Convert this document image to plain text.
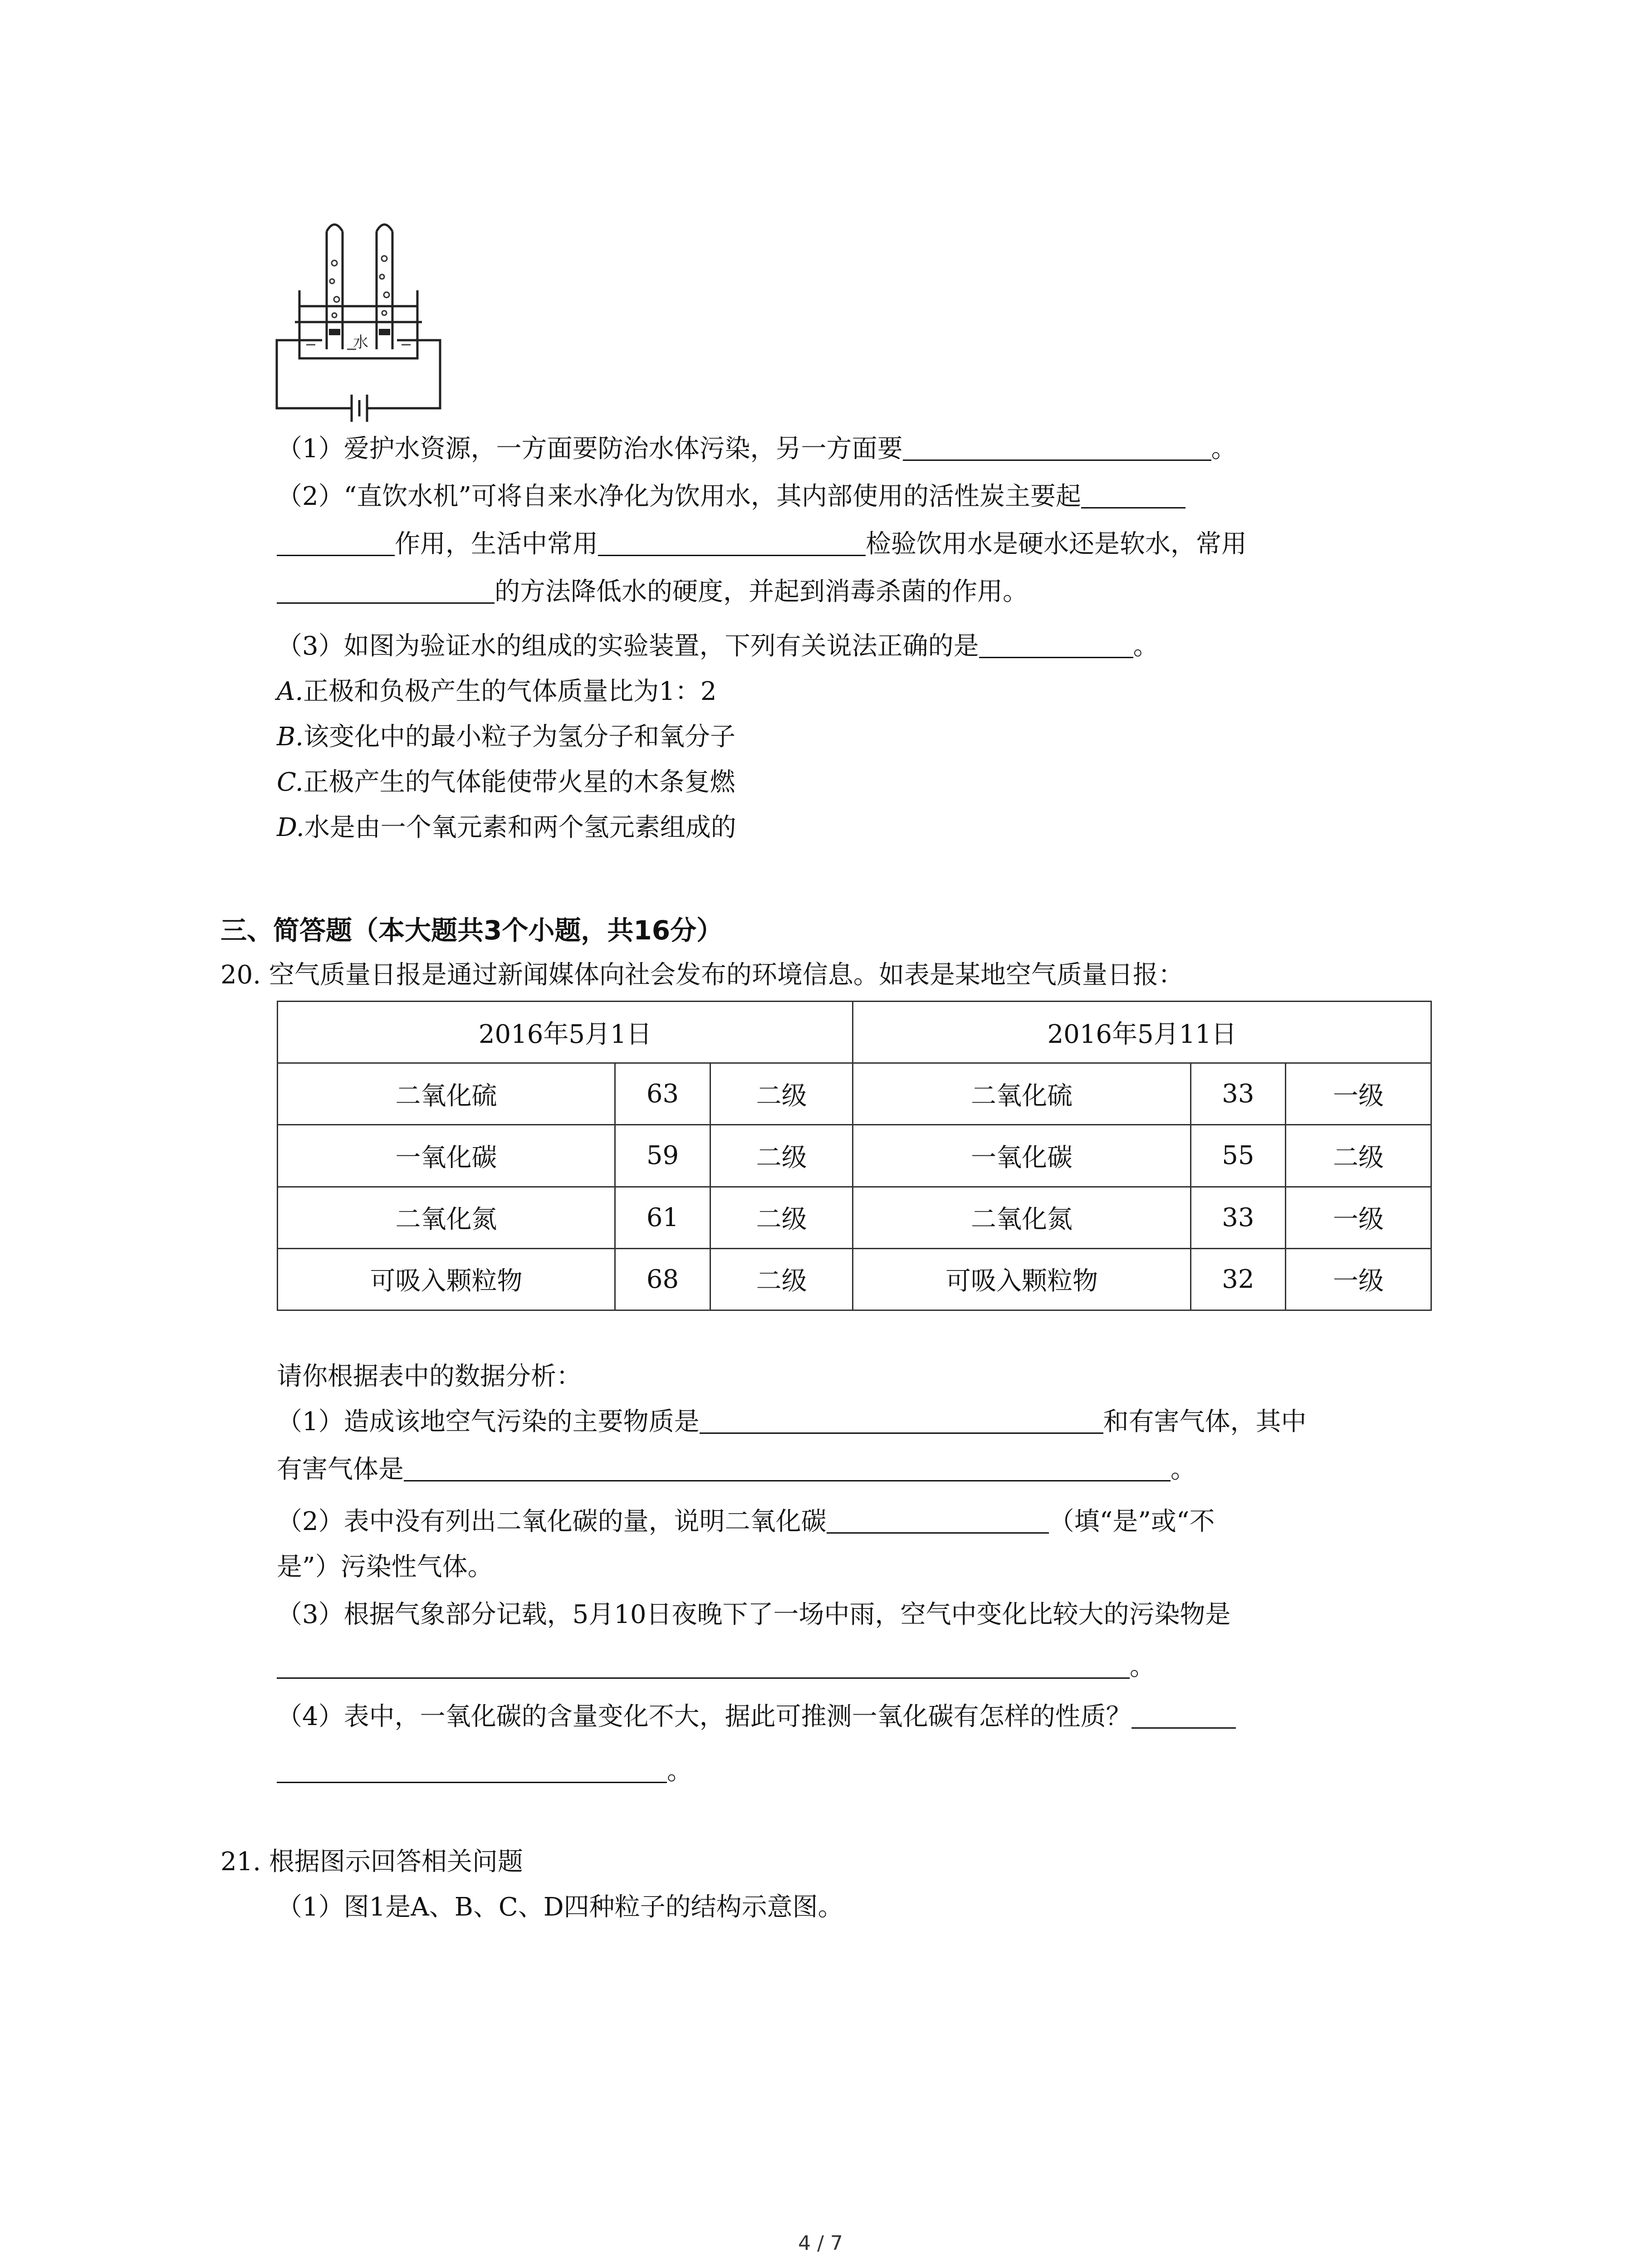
水
（1）爱护水资源，一方面要防治水体污染，另一方面要	。
（2）“直饮水机”可将自来水净化为饮用水，其内部使用的活性炭主要起
作用，生活中常用	检验饮用水是硬水还是软水，常用
的方法降低水的硬度，并起到消毒杀菌的作用。
（3）如图为验证水的组成的实验装置，下列有关说法正确的是	。
A.正极和负极产生的气体质量比为1：2
B.该变化中的最小粒子为氢分子和氧分子
C.正极产生的气体能使带火星的木条复燃
D.水是由一个氧元素和两个氢元素组成的
三、简答题（本大题共3个小题，共16分）
20. 空气质量日报是通过新闻媒体向社会发布的环境信息。如表是某地空气质量日报：
2016年5月1日			2016年5月11日		
二氧化硫	63	二级	二氧化硫	33	一级
一氧化碳	59	二级	一氧化碳	55	二级
二氧化氮	61	二级	二氧化氮	33	一级
可吸入颗粒物	68	二级	可吸入颗粒物	32	一级
请你根据表中的数据分析：
（1）造成该地空气污染的主要物质是	和有害气体，其中
有害气体是	。
（2）表中没有列出二氧化碳的量，说明二氧化碳	（填“是”或“不
是”）污染性气体。
（3）根据气象部分记载，5月10日夜晚下了一场中雨，空气中变化比较大的污染物是
。
（4）表中，一氧化碳的含量变化不大，据此可推测一氧化碳有怎样的性质？
。
21. 根据图示回答相关问题
（1）图1是A、B、C、D四种粒子的结构示意图。
4 / 7
